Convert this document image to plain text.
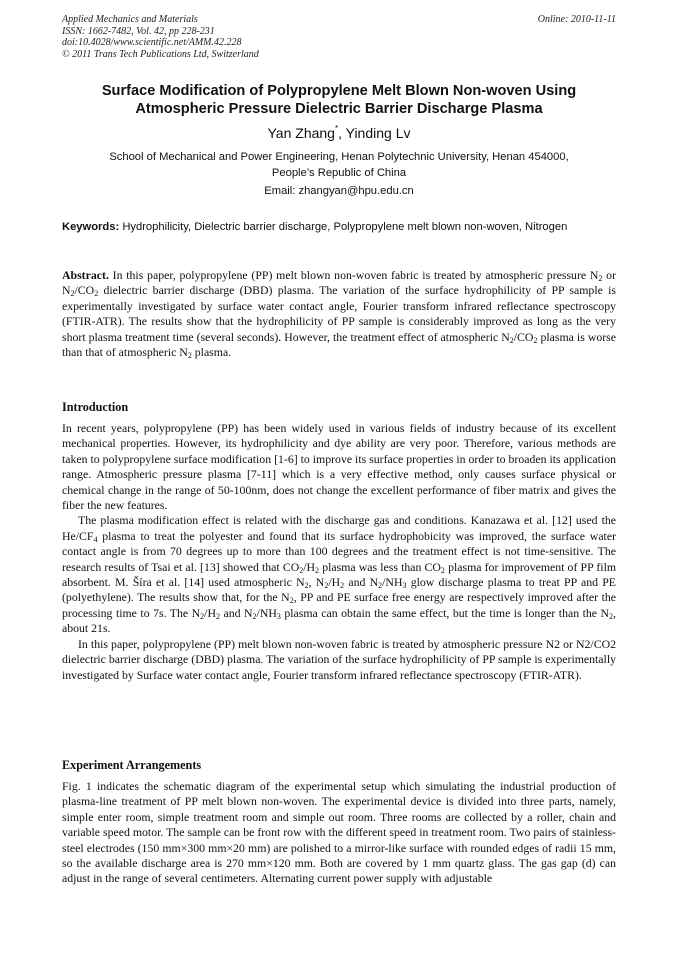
Applied Mechanics and Materials
ISSN: 1662-7482, Vol. 42, pp 228-231
doi:10.4028/www.scientific.net/AMM.42.228
© 2011 Trans Tech Publications Ltd, Switzerland
Online: 2010-11-11
Surface Modification of Polypropylene Melt Blown Non-woven Using
Atmospheric Pressure Dielectric Barrier Discharge Plasma
Yan Zhang*, Yinding Lv
School of Mechanical and Power Engineering, Henan Polytechnic University, Henan 454000,
People’s Republic of China
Email: zhangyan@hpu.edu.cn
Keywords: Hydrophilicity, Dielectric barrier discharge, Polypropylene melt blown non-woven, Nitrogen

Abstract. In this paper, polypropylene (PP) melt blown non-woven fabric is treated by atmospheric pressure $N_2$ or $N_2/CO_2$ dielectric barrier discharge (DBD) plasma. The variation of the surface hydrophilicity of PP sample is experimentally investigated by surface water contact angle, Fourier transform infrared reflectance spectroscopy (FTIR-ATR). The results show that the hydrophilicity of PP sample is considerably improved as long as the very short plasma treatment time (several seconds). However, the treatment effect of atmospheric $N_2/CO_2$ plasma is worse than that of atmospheric $N_2$ plasma.

Introduction

In recent years, polypropylene (PP) has been widely used in various fields of industry because of its excellent mechanical properties. However, its hydrophilicity and dye ability are very poor. Therefore, various methods are taken to polypropylene surface modification [1-6] to improve its surface properties in order to broaden its application range. Atmospheric pressure plasma [7-11] which is a very effective method, only causes surface physical or chemical change in the range of 50-100nm, does not change the excellent performance of fiber matrix and gives the fiber the new features.

The plasma modification effect is related with the discharge gas and conditions. Kanazawa et al. [12] used the $He/CF_4$ plasma to treat the polyester and found that its surface hydrophobicity was improved, the surface water contact angle is from 70 degrees up to more than 100 degrees and the treatment effect is not time-sensitive. The research results of Tsai et al. [13] showed that $CO_2/H_2$ plasma was less than $CO_2$ plasma for improvement of PP film absorbent. M. Šíra et al. [14] used atmospheric $N_2$, $N_2/H_2$ and $N_2/NH_3$ glow discharge plasma to treat PP and PE (polyethylene). The results show that, for the $N_2$, PP and PE surface free energy are respectively improved after the processing time to 7s. The $N_2/H_2$ and $N_2/NH_3$ plasma can obtain the same effect, but the time is longer than the $N_2$, about 21s.

In this paper, polypropylene (PP) melt blown non-woven fabric is treated by atmospheric pressure N2 or N2/CO2 dielectric barrier discharge (DBD) plasma. The variation of the surface hydrophilicity of PP sample is experimentally investigated by Surface water contact angle, Fourier transform infrared reflectance spectroscopy (FTIR-ATR).

Experiment Arrangements

Fig. 1 indicates the schematic diagram of the experimental setup which simulating the industrial production of plasma-line treatment of PP melt blown non-woven. The experimental device is divided into three parts, namely, simple enter room, simple treatment room and simple out room. Three rooms are collected by a roller, chain and variable speed motor. The sample can be front row with the different speed in treatment room. Two pairs of stainless-steel electrodes (150 mm×300 mm×20 mm) are polished to a mirror-like surface with rounded edges of radii 15 mm, so the available discharge area is 270 mm×120 mm. Both are covered by 1 mm quartz glass. The gas gap (d) can adjust in the range of several centimeters. Alternating current power supply with adjustable
